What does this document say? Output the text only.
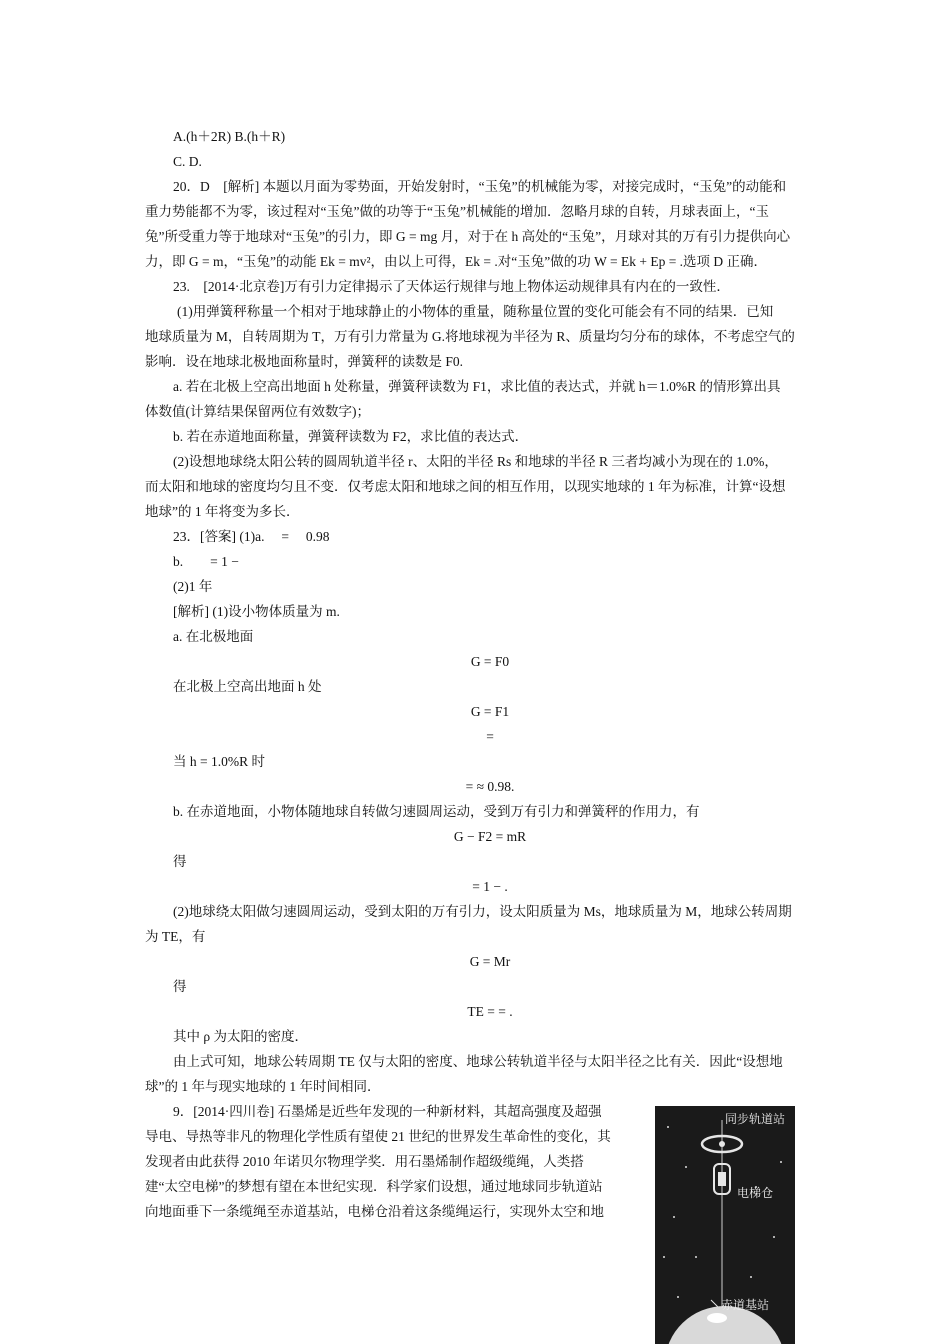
A.(h＋2R) B.(h＋R)
C. D.
20．D　[解析] 本题以月面为零势面，开始发射时，“玉兔”的机械能为零，对接完成时，“玉兔”的动能和
重力势能都不为零，该过程对“玉兔”做的功等于“玉兔”机械能的增加．忽略月球的自转，月球表面上，“玉
兔”所受重力等于地球对“玉兔”的引力，即 G = mg 月，对于在 h 高处的“玉兔”，月球对其的万有引力提供向心
力，即 G = m，“玉兔”的动能 Ek = mv²，由以上可得，Ek = .对“玉兔”做的功 W = Ek + Ep = .选项 D 正确．
23.　[2014·北京卷]万有引力定律揭示了天体运行规律与地上物体运动规律具有内在的一致性．
(1)用弹簧秤称量一个相对于地球静止的小物体的重量，随称量位置的变化可能会有不同的结果．已知
地球质量为 M，自转周期为 T，万有引力常量为 G.将地球视为半径为 R、质量均匀分布的球体，不考虑空气的
影响．设在地球北极地面称量时，弹簧秤的读数是 F0.
a. 若在北极上空高出地面 h 处称量，弹簧秤读数为 F1，求比值的表达式，并就 h＝1.0%R 的情形算出具
体数值(计算结果保留两位有效数字)；
b. 若在赤道地面称量，弹簧秤读数为 F2，求比值的表达式．
(2)设想地球绕太阳公转的圆周轨道半径 r、太阳的半径 Rs 和地球的半径 R 三者均减小为现在的 1.0%，
而太阳和地球的密度均匀且不变．仅考虑太阳和地球之间的相互作用，以现实地球的 1 年为标准，计算“设想
地球”的 1 年将变为多长．
23．[答案] (1)a.　 =　 0.98
b.　　= 1 −
(2)1 年
[解析] (1)设小物体质量为 m.
a. 在北极地面
G = F0
在北极上空高出地面 h 处
G = F1
=
当 h = 1.0%R 时
= ≈ 0.98.
b. 在赤道地面，小物体随地球自转做匀速圆周运动，受到万有引力和弹簧秤的作用力，有
G − F2 = mR
得
= 1 − .
(2)地球绕太阳做匀速圆周运动，受到太阳的万有引力，设太阳质量为 Ms，地球质量为 M，地球公转周期
为 TE，有
G = Mr
得
TE = = .
其中 ρ 为太阳的密度．
由上式可知，地球公转周期 TE 仅与太阳的密度、地球公转轨道半径与太阳半径之比有关．因此“设想地
球”的 1 年与现实地球的 1 年时间相同．
9．[2014·四川卷] 石墨烯是近些年发现的一种新材料，其超高强度及超强
导电、导热等非凡的物理化学性质有望使 21 世纪的世界发生革命性的变化，其
发现者由此获得 2010 年诺贝尔物理学奖．用石墨烯制作超级缆绳，人类搭
建“太空电梯”的梦想有望在本世纪实现．科学家们设想，通过地球同步轨道站
向地面垂下一条缆绳至赤道基站，电梯仓沿着这条缆绳运行，实现外太空和地
同步轨道站
电梯仓
赤道基站
